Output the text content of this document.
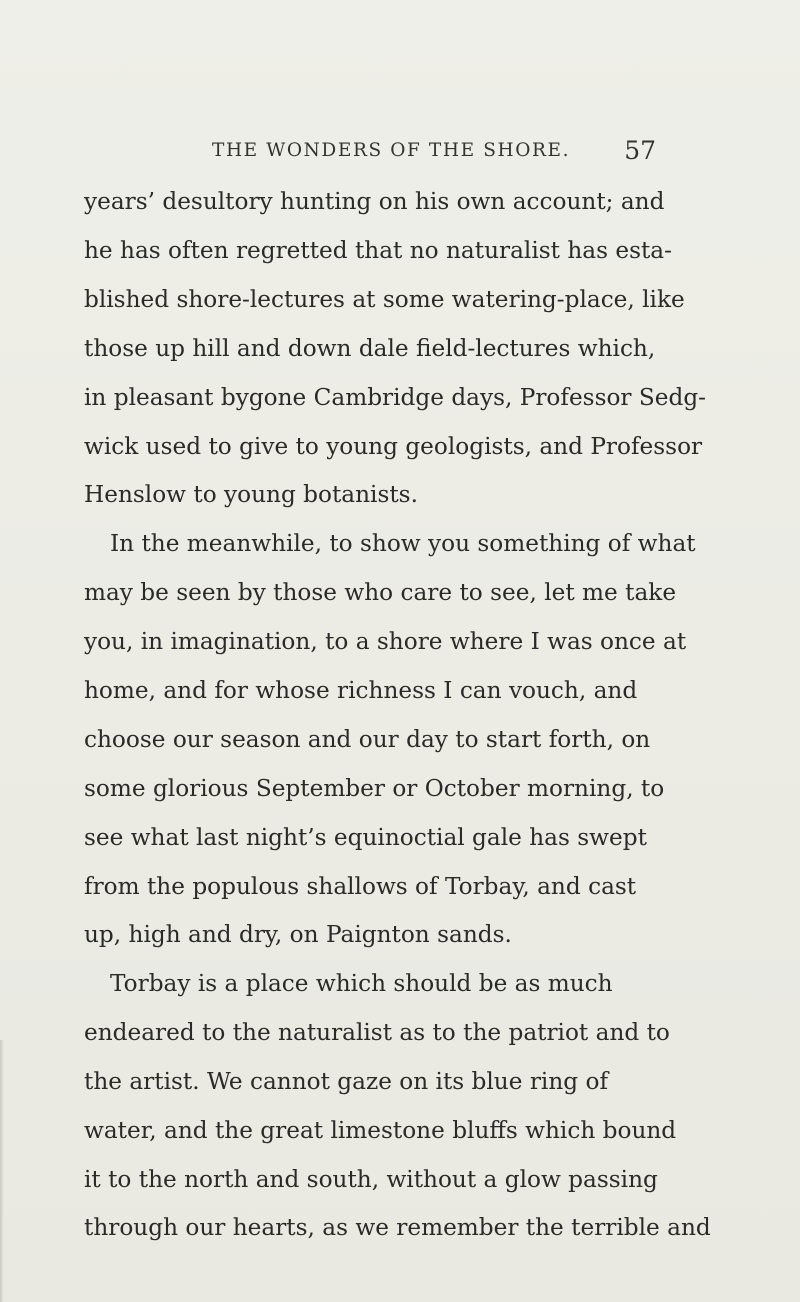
THE WONDERS OF THE SHORE. 57
years’ desultory hunting on his own account; and
he has often regretted that no naturalist has esta-
blished shore-lectures at some watering-place, like
those up hill and down dale field-lectures which,
in pleasant bygone Cambridge days, Professor Sedg-
wick used to give to young geologists, and Professor
Henslow to young botanists.
In the meanwhile, to show you something of what
may be seen by those who care to see, let me take
you, in imagination, to a shore where I was once at
home, and for whose richness I can vouch, and
choose our season and our day to start forth, on
some glorious September or October morning, to
see what last night’s equinoctial gale has swept
from the populous shallows of Torbay, and cast
up, high and dry, on Paignton sands.
Torbay is a place which should be as much
endeared to the naturalist as to the patriot and to
the artist. We cannot gaze on its blue ring of
water, and the great limestone bluffs which bound
it to the north and south, without a glow passing
through our hearts, as we remember the terrible and
